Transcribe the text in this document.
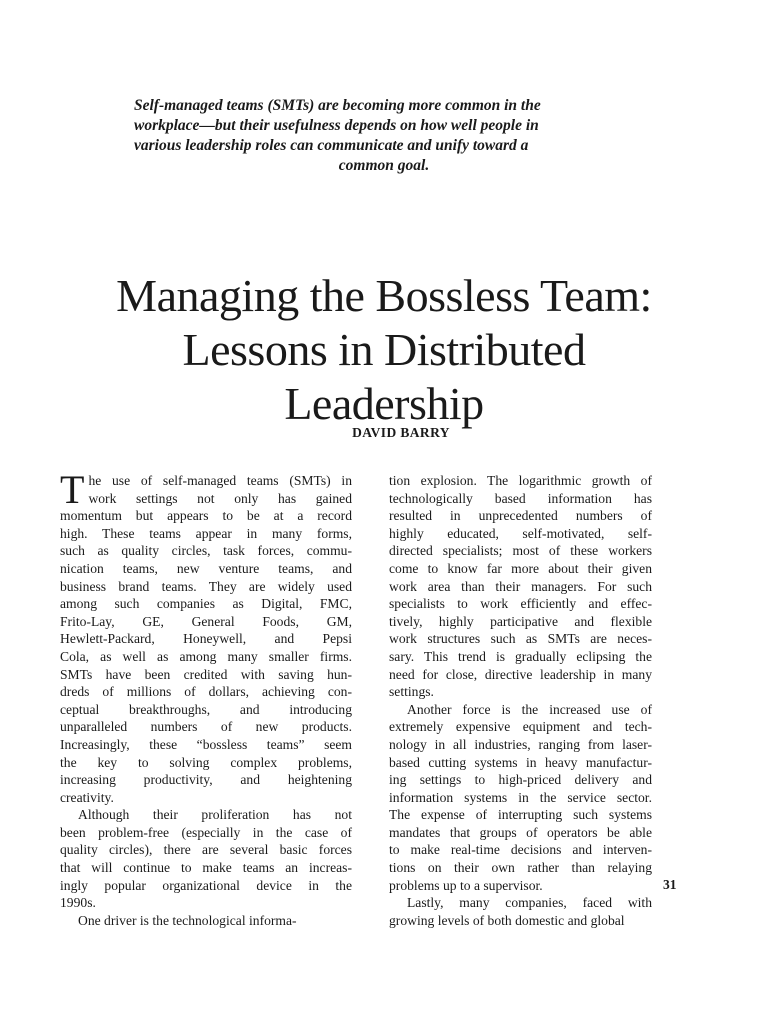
Self-managed teams (SMTs) are becoming more common in the
workplace—but their usefulness depends on how well people in
various leadership roles can communicate and unify toward a
common goal.
Managing the Bossless Team:
Lessons in Distributed
Leadership
DAVID BARRY
T he use of self-managed teams (SMTs) in
work settings not only has gained
momentum but appears to be at a record
high. These teams appear in many forms,
such as quality circles, task forces, commu-
nication teams, new venture teams, and
business brand teams. They are widely used
among such companies as Digital, FMC,
Frito-Lay, GE, General Foods, GM,
Hewlett-Packard, Honeywell, and Pepsi
Cola, as well as among many smaller firms.
SMTs have been credited with saving hun-
dreds of millions of dollars, achieving con-
ceptual breakthroughs, and introducing
unparalleled numbers of new products.
Increasingly, these “bossless teams” seem
the key to solving complex problems,
increasing productivity, and heightening
creativity.
Although their proliferation has not
been problem-free (especially in the case of
quality circles), there are several basic forces
that will continue to make teams an increas-
ingly popular organizational device in the
1990s.
One driver is the technological informa-
tion explosion. The logarithmic growth of
technologically based information has
resulted in unprecedented numbers of
highly educated, self-motivated, self-
directed specialists; most of these workers
come to know far more about their given
work area than their managers. For such
specialists to work efficiently and effec-
tively, highly participative and flexible
work structures such as SMTs are neces-
sary. This trend is gradually eclipsing the
need for close, directive leadership in many
settings.
Another force is the increased use of
extremely expensive equipment and tech-
nology in all industries, ranging from laser-
based cutting systems in heavy manufactur-
ing settings to high-priced delivery and
information systems in the service sector.
The expense of interrupting such systems
mandates that groups of operators be able
to make real-time decisions and interven-
tions on their own rather than relaying
problems up to a supervisor.
Lastly, many companies, faced with
growing levels of both domestic and global
31
